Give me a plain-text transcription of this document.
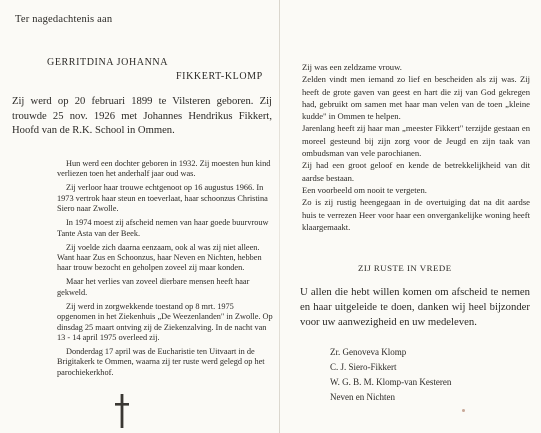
Ter nagedachtenis aan
GERRITDINA JOHANNA
FIKKERT-KLOMP

Zij werd op 20 februari 1899 te Vilsteren geboren. Zij trouwde 25 nov. 1926 met Johannes Hendrikus Fikkert, Hoofd van de R.K. School in Ommen.

Hun werd een dochter geboren in 1932. Zij moesten hun kind verliezen toen het anderhalf jaar oud was.

Zij verloor haar trouwe echtgenoot op 16 augustus 1966. In 1973 vertrok haar steun en toeverlaat, haar schoonzus Christina Siero naar Zwolle.

In 1974 moest zij afscheid nemen van haar goede buurvrouw Tante Asta van der Beek.

Zij voelde zich daarna eenzaam, ook al was zij niet alleen. Want haar Zus en Schoonzus, haar Neven en Nichten, hebben haar trouw bezocht en geholpen zoveel zij maar konden.

Maar het verlies van zoveel dierbare mensen heeft haar gekweld.

Zij werd in zorgwekkende toestand op 8 mrt. 1975 opgenomen in het Ziekenhuis „De Weezenlanden" in Zwolle. Op dinsdag 25 maart ontving zij de Ziekenzalving. In de nacht van 13 - 14 april 1975 overleed zij.

Donderdag 17 april was de Eucharistie ten Uitvaart in de Brigitakerk te Ommen, waarna zij ter ruste werd gelegd op het parochiekerkhof.

Zij was een zeldzame vrouw.

Zelden vindt men iemand zo lief en bescheiden als zij was. Zij heeft de grote gaven van geest en hart die zij van God gekregen had, gebruikt om samen met haar man velen van de toen „kleine kudde" in Ommen te helpen.

Jarenlang heeft zij haar man „meester Fikkert" terzijde gestaan en moreel gesteund bij zijn zorg voor de Jeugd en zijn taak van ombudsman van vele parochianen.

Zij had een groot geloof en kende de betrekkelijkheid van dit aardse bestaan.

Een voorbeeld om nooit te vergeten.

Zo is zij rustig heengegaan in de overtuiging dat na dit aardse huis te verrezen Heer voor haar een onvergankelijke woning heeft klaargemaakt.

ZIJ RUSTE IN VREDE

U allen die hebt willen komen om afscheid te nemen en haar uitgeleide te doen, danken wij heel bijzonder voor uw aanwezigheid en uw medeleven.

Zr. Genoveva Klomp
C. J. Siero-Fikkert
W. G. B. M. Klomp-van Kesteren
Neven en Nichten
